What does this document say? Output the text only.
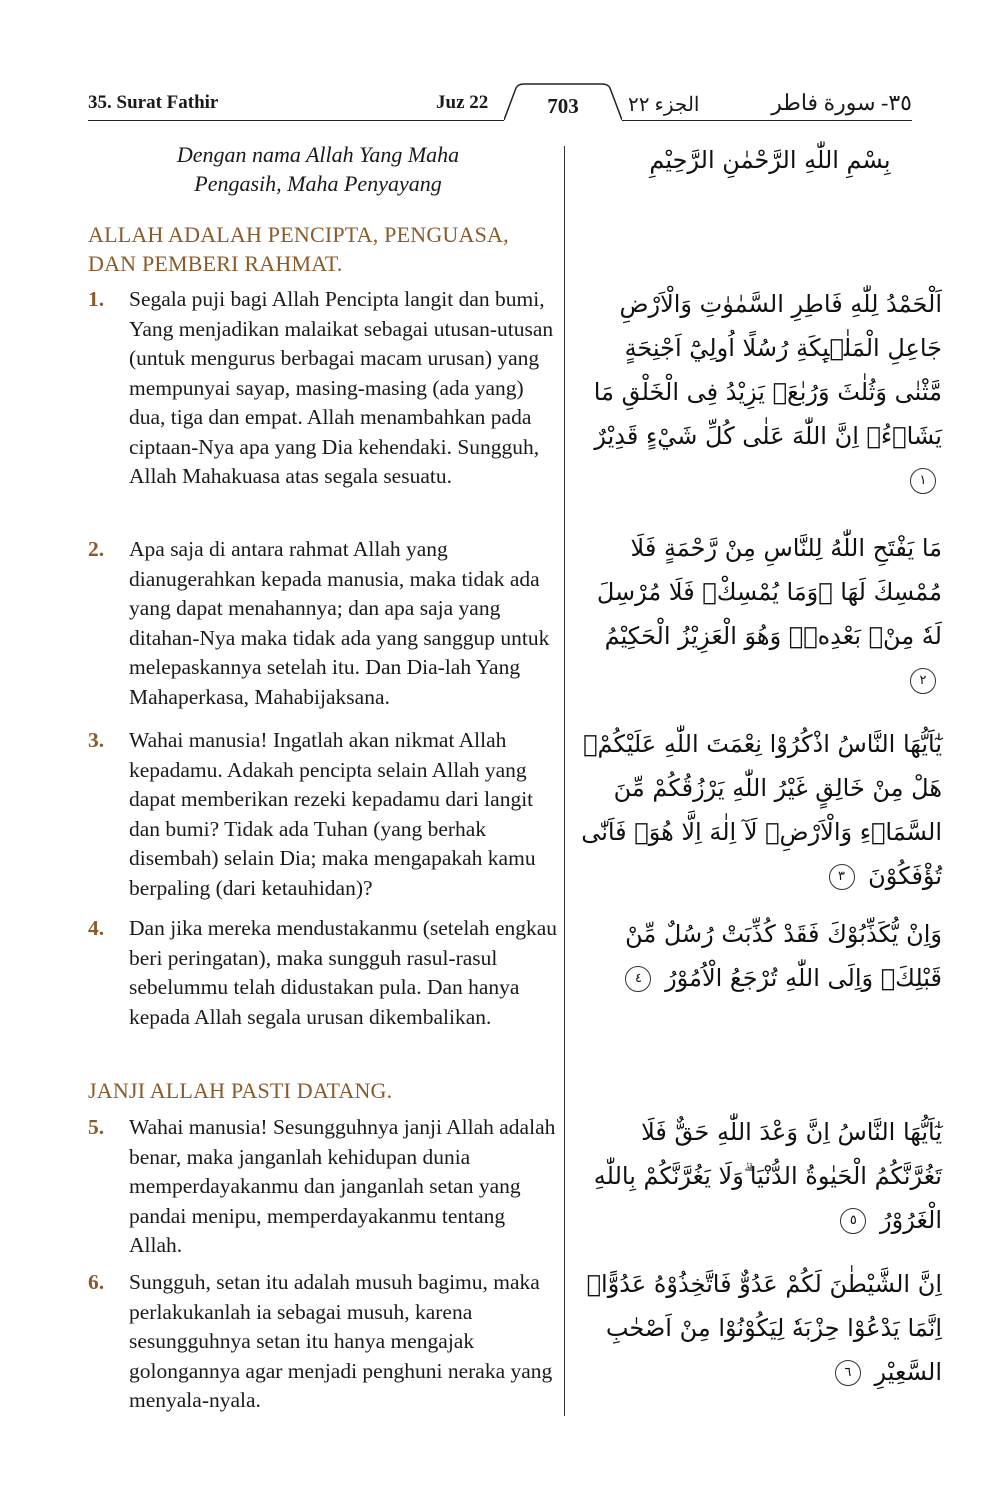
35. Surat Fathir	Juz 22	703	الجزء ٢٢	٣٥- سورة فاطر
Dengan nama Allah Yang Maha
Pengasih, Maha Penyayang
بِسْمِ اللّٰهِ الرَّحْمٰنِ الرَّحِيْمِ
ALLAH ADALAH PENCIPTA, PENGUASA,
DAN PEMBERI RAHMAT.
1. Segala puji bagi Allah Pencipta langit dan bumi, Yang menjadikan malaikat sebagai utusan-utusan (untuk mengurus berbagai macam urusan) yang mempunyai sayap, masing-masing (ada yang) dua, tiga dan empat. Allah menambahkan pada ciptaan-Nya apa yang Dia kehendaki. Sungguh, Allah Mahakuasa atas segala sesuatu.
اَلْحَمْدُ لِلّٰهِ فَاطِرِ السَّمٰوٰتِ وَالْاَرْضِ جَاعِلِ الْمَلٰۤىِٕكَةِ رُسُلًا اُولِيْٓ اَجْنِحَةٍ مَّثْنٰى وَثُلٰثَ وَرُبٰعَۗ يَزِيْدُ فِى الْخَلْقِ مَا يَشَاۤءُۗ اِنَّ اللّٰهَ عَلٰى كُلِّ شَيْءٍ قَدِيْرٌ ١
2. Apa saja di antara rahmat Allah yang dianugerahkan kepada manusia, maka tidak ada yang dapat menahannya; dan apa saja yang ditahan-Nya maka tidak ada yang sanggup untuk melepaskannya setelah itu. Dan Dia-lah Yang Mahaperkasa, Mahabijaksana.
مَا يَفْتَحِ اللّٰهُ لِلنَّاسِ مِنْ رَّحْمَةٍ فَلَا مُمْسِكَ لَهَا ۚوَمَا يُمْسِكْۙ فَلَا مُرْسِلَ لَهٗ مِنْۢ بَعْدِهٖۗ وَهُوَ الْعَزِيْزُ الْحَكِيْمُ ٢
3. Wahai manusia! Ingatlah akan nikmat Allah kepadamu. Adakah pencipta selain Allah yang dapat memberikan rezeki kepadamu dari langit dan bumi? Tidak ada Tuhan (yang berhak disembah) selain Dia; maka mengapakah kamu berpaling (dari ketauhidan)?
يٰٓاَيُّهَا النَّاسُ اذْكُرُوْا نِعْمَتَ اللّٰهِ عَلَيْكُمْۗ هَلْ مِنْ خَالِقٍ غَيْرُ اللّٰهِ يَرْزُقُكُمْ مِّنَ السَّمَاۤءِ وَالْاَرْضِۗ لَآ اِلٰهَ اِلَّا هُوَۖ فَاَنّٰى تُؤْفَكُوْنَ ٣
4. Dan jika mereka mendustakanmu (setelah engkau beri peringatan), maka sungguh rasul-rasul sebelummu telah didustakan pula. Dan hanya kepada Allah segala urusan dikembalikan.
وَاِنْ يُّكَذِّبُوْكَ فَقَدْ كُذِّبَتْ رُسُلٌ مِّنْ قَبْلِكَۗ وَاِلَى اللّٰهِ تُرْجَعُ الْاُمُوْرُ ٤
JANJI ALLAH PASTI DATANG.
5. Wahai manusia! Sesungguhnya janji Allah adalah benar, maka janganlah kehidupan dunia memperdayakanmu dan janganlah setan yang pandai menipu, memperdayakanmu tentang Allah.
يٰٓاَيُّهَا النَّاسُ اِنَّ وَعْدَ اللّٰهِ حَقٌّ فَلَا تَغُرَّنَّكُمُ الْحَيٰوةُ الدُّنْيَا ۗوَلَا يَغُرَّنَّكُمْ بِاللّٰهِ الْغَرُوْرُ ٥
6. Sungguh, setan itu adalah musuh bagimu, maka perlakukanlah ia sebagai musuh, karena sesungguhnya setan itu hanya mengajak golongannya agar menjadi penghuni neraka yang menyala-nyala.
اِنَّ الشَّيْطٰنَ لَكُمْ عَدُوٌّ فَاتَّخِذُوْهُ عَدُوًّاۗ اِنَّمَا يَدْعُوْا حِزْبَهٗ لِيَكُوْنُوْا مِنْ اَصْحٰبِ السَّعِيْرِ ٦
